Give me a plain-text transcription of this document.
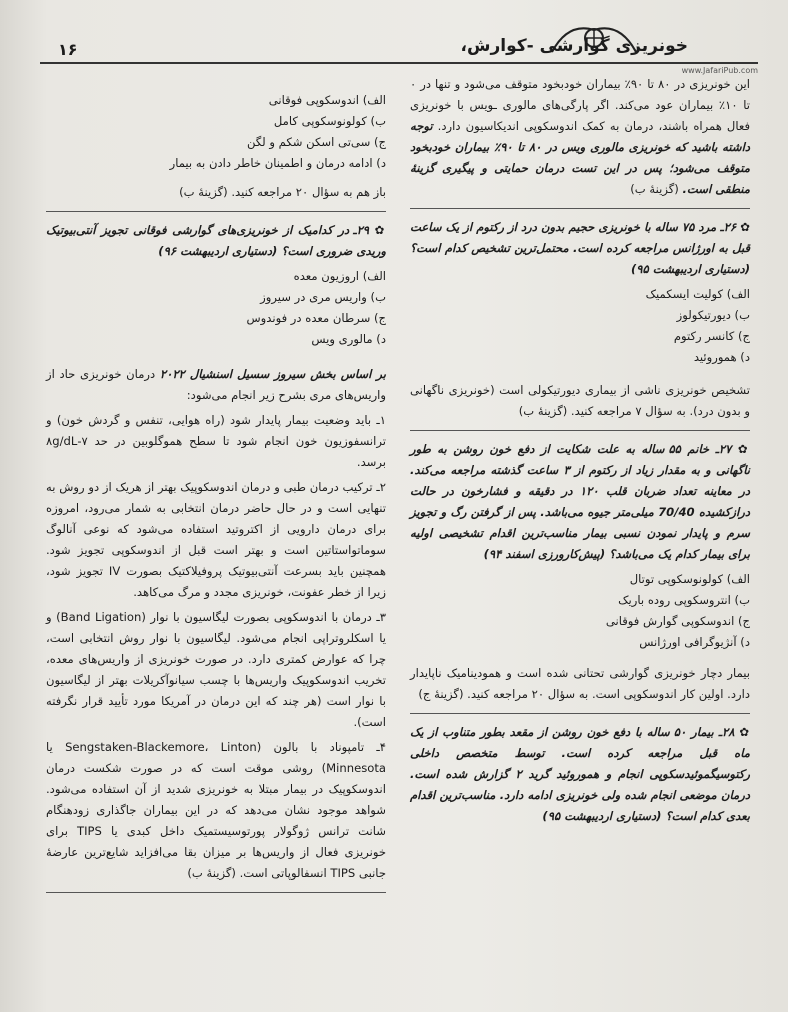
۱۶	خونریزی گوارشی -کوارش،
www.JafariPub.com

این خونریزی در ۸۰ تا ۹۰٪ بیماران خودبخود متوقف می‌شود و تنها در ۰ تا ۱۰٪ بیماران عود می‌کند. اگر پارگی‌های مالوری ـویس با خونریزی فعال همراه باشند، درمان به کمک اندوسکوپی اندیکاسیون دارد. توجه داشته باشید که خونریزی مالوری ویس در ۸۰ تا ۹۰٪ بیماران خودبخود متوقف می‌شود؛ پس در این تست درمان حمایتی و پیگیری گزینهٔ منطقی است. (گزینهٔ ب)

✿ ۲۶ـ مرد ۷۵ ساله با خونریزی حجیم بدون درد از رکتوم از یک ساعت قبل به اورژانس مراجعه کرده است. محتمل‌ترین تشخیص کدام است؟ (دستیاری اردیبهشت ۹۵)

الف) کولیت ایسکمیک

ب) دیورتیکولوز

ج) کانسر رکتوم

د) هموروئید

تشخیص خونریزی ناشی از بیماری دیورتیکولی است (خونریزی ناگهانی و بدون درد). به سؤال ۷ مراجعه کنید. (گزینهٔ ب)

✿ ۲۷ـ خانم ۵۵ ساله به علت شکایت از دفع خون روشن به طور ناگهانی و به مقدار زیاد از رکتوم از ۳ ساعت گذشته مراجعه می‌کند. در معاینه تعداد ضربان قلب ۱۲۰ در دقیقه و فشارخون در حالت درازکشیده 70/40 میلی‌متر جیوه می‌باشد. پس از گرفتن رگ و تجویز سرم و پایدار نمودن نسبی بیمار مناسب‌ترین اقدام تشخیصی اولیه برای بیمار کدام یک می‌باشد؟ (پیش‌کارورزی اسفند ۹۴)

الف) کولونوسکوپی توتال

ب) انتروسکوپی روده باریک

ج) اندوسکوپی گوارش فوقانی

د) آنژیوگرافی اورژانس

بیمار دچار خونریزی گوارشی تحتانی شده است و همودینامیک ناپایدار دارد. اولین کار اندوسکوپی است. به سؤال ۲۰ مراجعه کنید. (گزینهٔ ج)

✿ ۲۸ـ بیمار ۵۰ ساله با دفع خون روشن از مقعد بطور متناوب از یک ماه قبل مراجعه کرده است. توسط متخصص داخلی رکتوسیگموئیدسکوپی انجام و هموروئید گرید ۲ گزارش شده است. درمان موضعی انجام شده ولی خونریزی ادامه دارد. مناسب‌ترین اقدام بعدی کدام است؟ (دستیاری اردیبهشت ۹۵)

الف) اندوسکوپی فوقانی

ب) کولونوسکوپی کامل

ج) سی‌تی اسکن شکم و لگن

د) ادامه درمان و اطمینان خاطر دادن به بیمار

باز هم به سؤال ۲۰ مراجعه کنید. (گزینهٔ ب)

✿ ۲۹ـ در کدامیک از خونریزی‌های گوارشی فوقانی تجویز آنتی‌بیوتیک وریدی ضروری است؟ (دستیاری اردیبهشت ۹۶)

الف) اروزیون معده

ب) واریس مری در سیروز

ج) سرطان معده در فوندوس

د) مالوری ویس

بر اساس بخش سیروز سسیل اسنشیال ۲۰۲۲ درمان خونریزی حاد از واریس‌های مری بشرح زیر انجام می‌شود:

۱ـ باید وضعیت بیمار پایدار شود (راه هوایی، تنفس و گردش خون) و ترانسفوزیون خون انجام شود تا سطح هموگلوبین در حد ۷-۸g/dL برسد.

۲ـ ترکیب درمان طبی و درمان اندوسکوپیک بهتر از هریک از دو روش به تنهایی است و در حال حاضر درمان انتخابی به شمار می‌رود، امروزه برای درمان دارویی از اکتروتید استفاده می‌شود که نوعی آنالوگ سوماتواستاتین است و بهتر است قبل از اندوسکوپی تجویز شود. همچنین باید بسرعت آنتی‌بیوتیک پروفیلاکتیک بصورت IV تجویز شود، زیرا از خطر عفونت، خونریزی مجدد و مرگ می‌کاهد.

۳ـ درمان با اندوسکوپی بصورت لیگاسیون با نوار (Band Ligation) و یا اسکلروتراپی انجام می‌شود. لیگاسیون با نوار روش انتخابی است، چرا که عوارض کمتری دارد. در صورت خونریزی از واریس‌های معده، تخریب اندوسکوپیک واریس‌ها با چسب سیانوآکریلات بهتر از لیگاسیون با نوار است (هر چند که این درمان در آمریکا مورد تأیید قرار نگرفته است).

۴ـ تامپوناد با بالون (Sengstaken-Blackemore، Linton یا Minnesota) روشی موقت است که در صورت شکست درمان اندوسکوپیک در بیمار مبتلا به خونریزی شدید از آن استفاده می‌شود. شواهد موجود نشان می‌دهد که در این بیماران جاگذاری زودهنگام شانت ترانس ژوگولار پورتوسیستمیک داخل کبدی یا TIPS برای خونریزی فعال از واریس‌ها بر میزان بقا می‌افزاید شایع‌ترین عارضهٔ جانبی TIPS انسفالوپاتی است. (گزینهٔ ب)
